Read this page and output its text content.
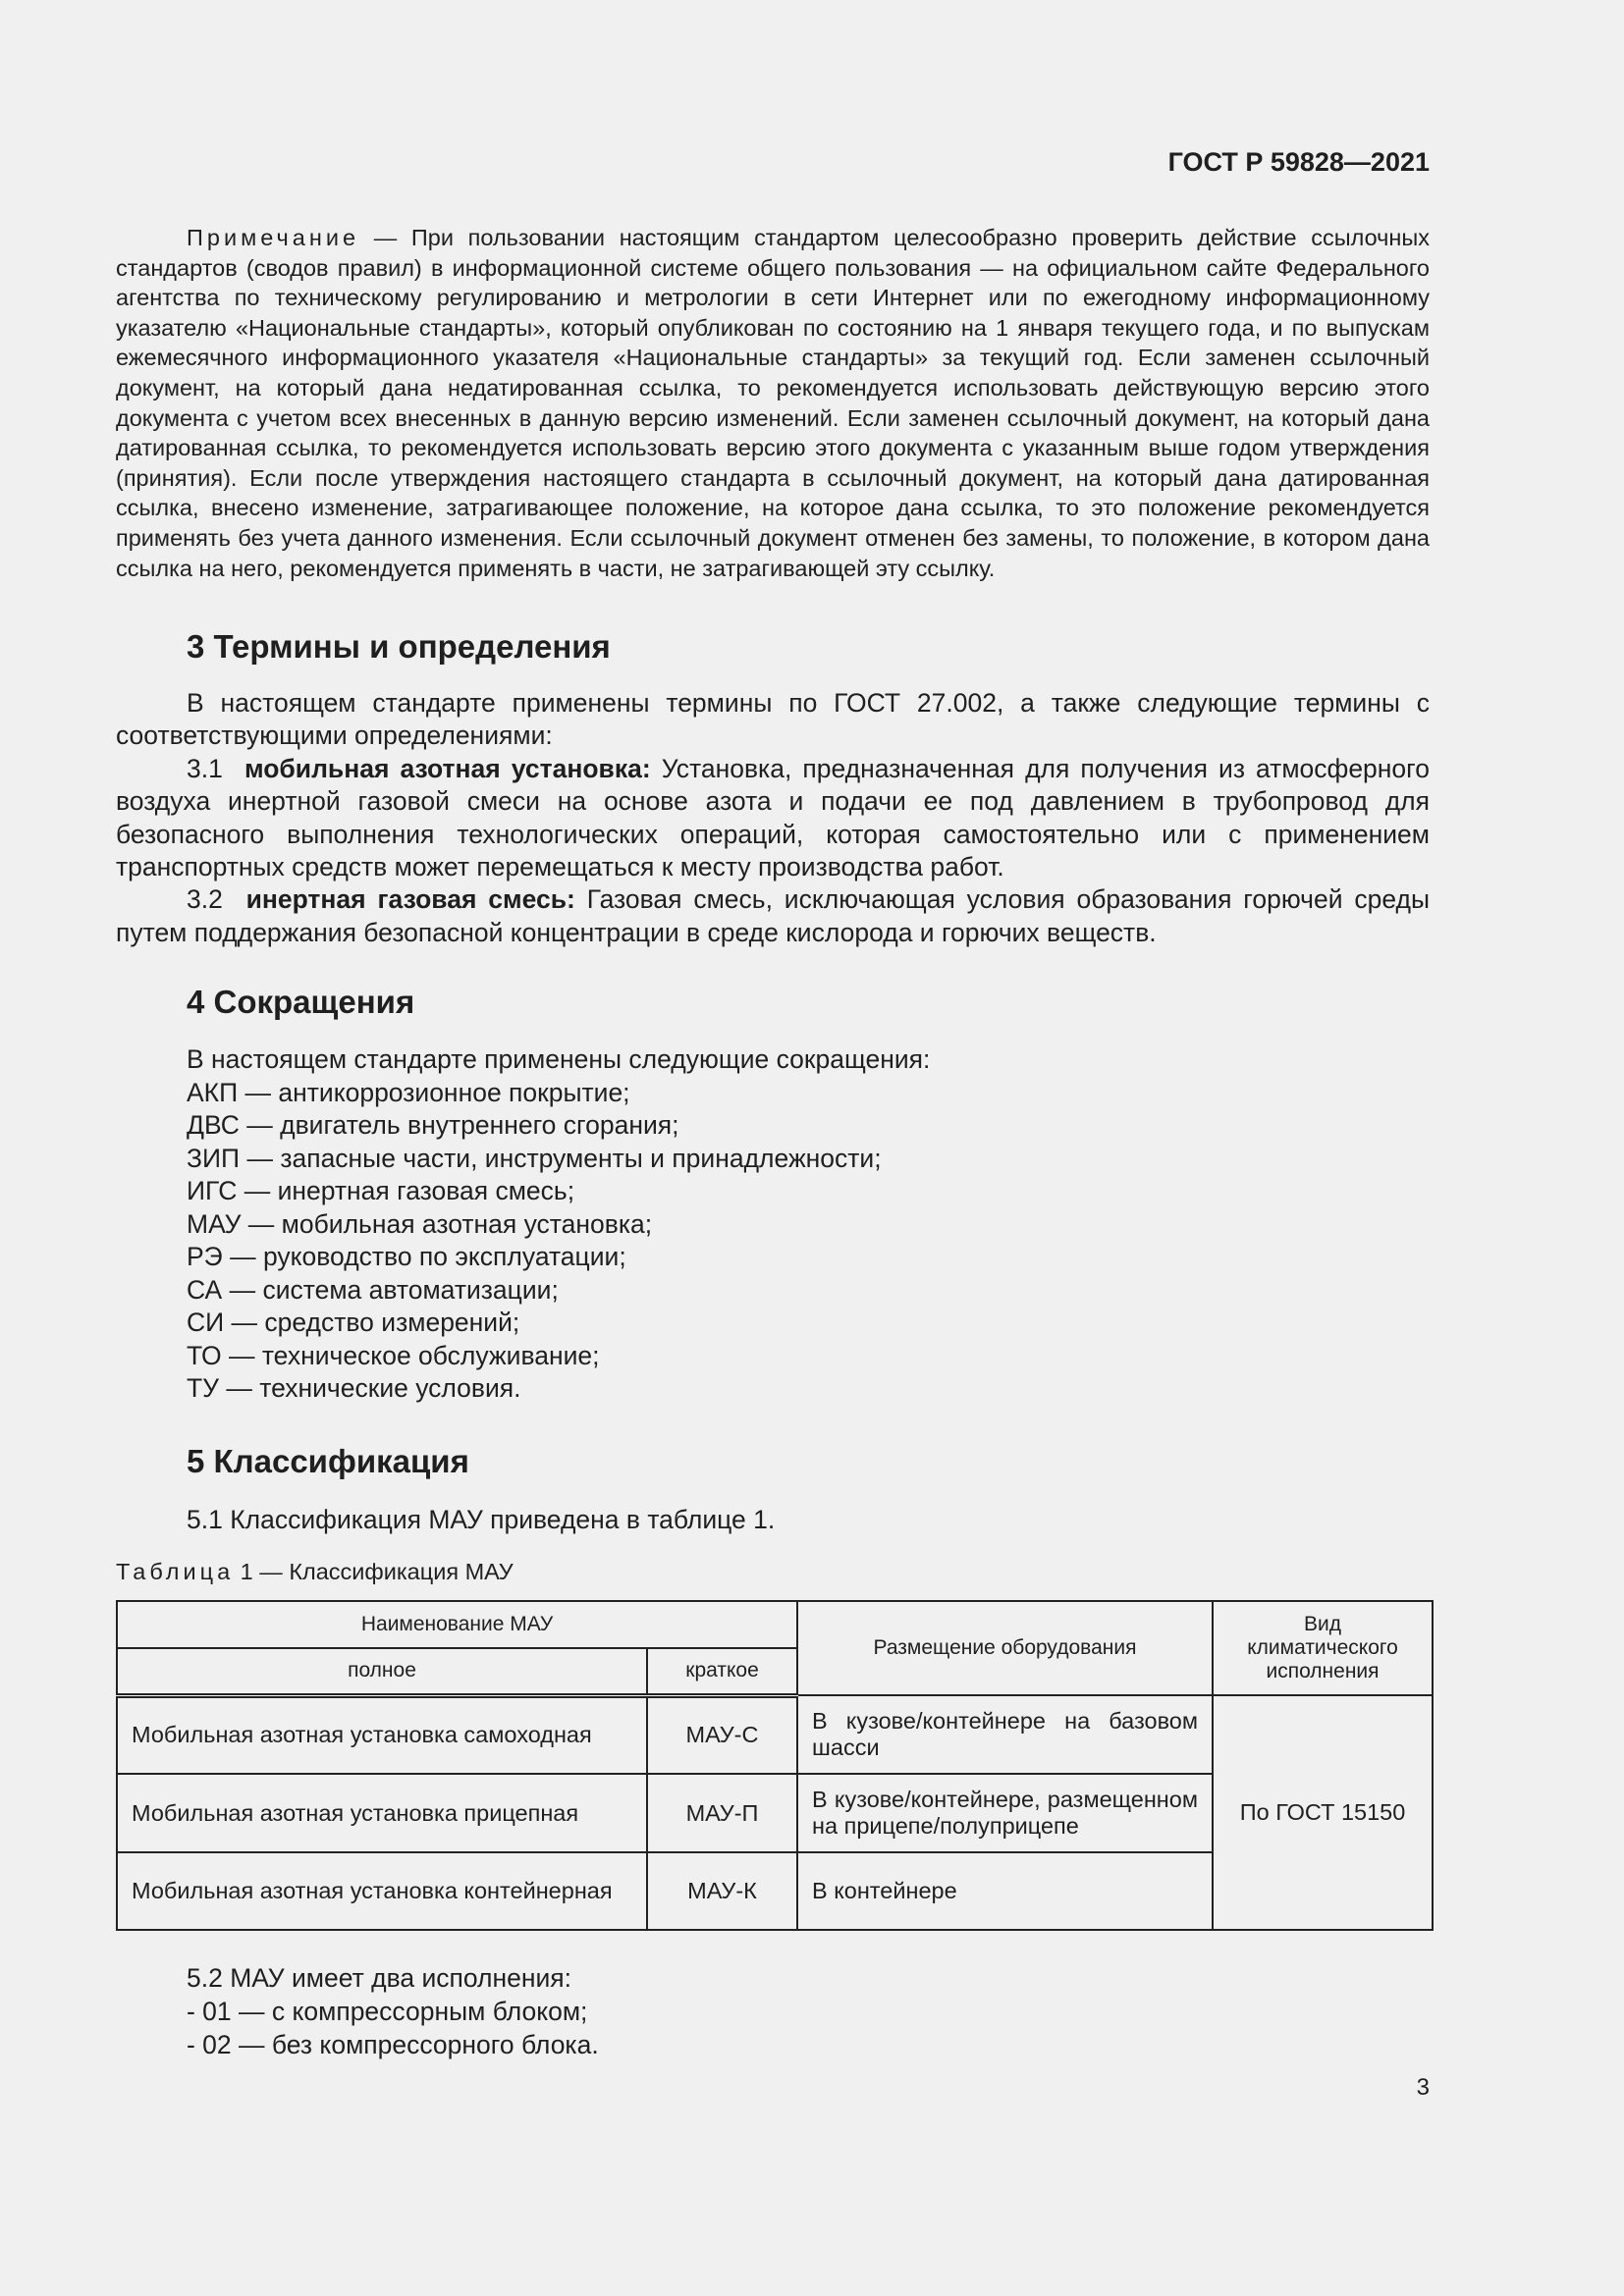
ГОСТ Р 59828—2021
Примечание — При пользовании настоящим стандартом целесообразно проверить действие ссылочных стандартов (сводов правил) в информационной системе общего пользования — на официальном сайте Федерального агентства по техническому регулированию и метрологии в сети Интернет или по ежегодному информационному указателю «Национальные стандарты», который опубликован по состоянию на 1 января текущего года, и по выпускам ежемесячного информационного указателя «Национальные стандарты» за текущий год. Если заменен ссылочный документ, на который дана недатированная ссылка, то рекомендуется использовать действующую версию этого документа с учетом всех внесенных в данную версию изменений. Если заменен ссылочный документ, на который дана датированная ссылка, то рекомендуется использовать версию этого документа с указанным выше годом утверждения (принятия). Если после утверждения настоящего стандарта в ссылочный документ, на который дана датированная ссылка, внесено изменение, затрагивающее положение, на которое дана ссылка, то это положение рекомендуется применять без учета данного изменения. Если ссылочный документ отменен без замены, то положение, в котором дана ссылка на него, рекомендуется применять в части, не затрагивающей эту ссылку.
3 Термины и определения

В настоящем стандарте применены термины по ГОСТ 27.002, а также следующие термины с соответствующими определениями:

3.1 мобильная азотная установка: Установка, предназначенная для получения из атмосферного воздуха инертной газовой смеси на основе азота и подачи ее под давлением в трубопровод для безопасного выполнения технологических операций, которая самостоятельно или с применением транспортных средств может перемещаться к месту производства работ.

3.2 инертная газовая смесь: Газовая смесь, исключающая условия образования горючей среды путем поддержания безопасной концентрации в среде кислорода и горючих веществ.

4 Сокращения
В настоящем стандарте применены следующие сокращения:
АКП — антикоррозионное покрытие;
ДВС — двигатель внутреннего сгорания;
ЗИП — запасные части, инструменты и принадлежности;
ИГС — инертная газовая смесь;
МАУ — мобильная азотная установка;
РЭ — руководство по эксплуатации;
СА — система автоматизации;
СИ — средство измерений;
ТО — техническое обслуживание;
ТУ — технические условия.
5 Классификация
5.1 Классификация МАУ приведена в таблице 1.
Таблица 1 — Классификация МАУ
Наименование МАУ		Размещение оборудования	Вид климатического исполнения
полное	краткое		
Мобильная азотная установка самоходная	МАУ-С	В кузове/контейнере на базовом шасси	По ГОСТ 15150
Мобильная азотная установка прицепная	МАУ-П	В кузове/контейнере, размещенном на прицепе/полуприцепе	
Мобильная азотная установка контейнерная	МАУ-К	В контейнере	
5.2 МАУ имеет два исполнения:
- 01 — с компрессорным блоком;
- 02 — без компрессорного блока.
3
